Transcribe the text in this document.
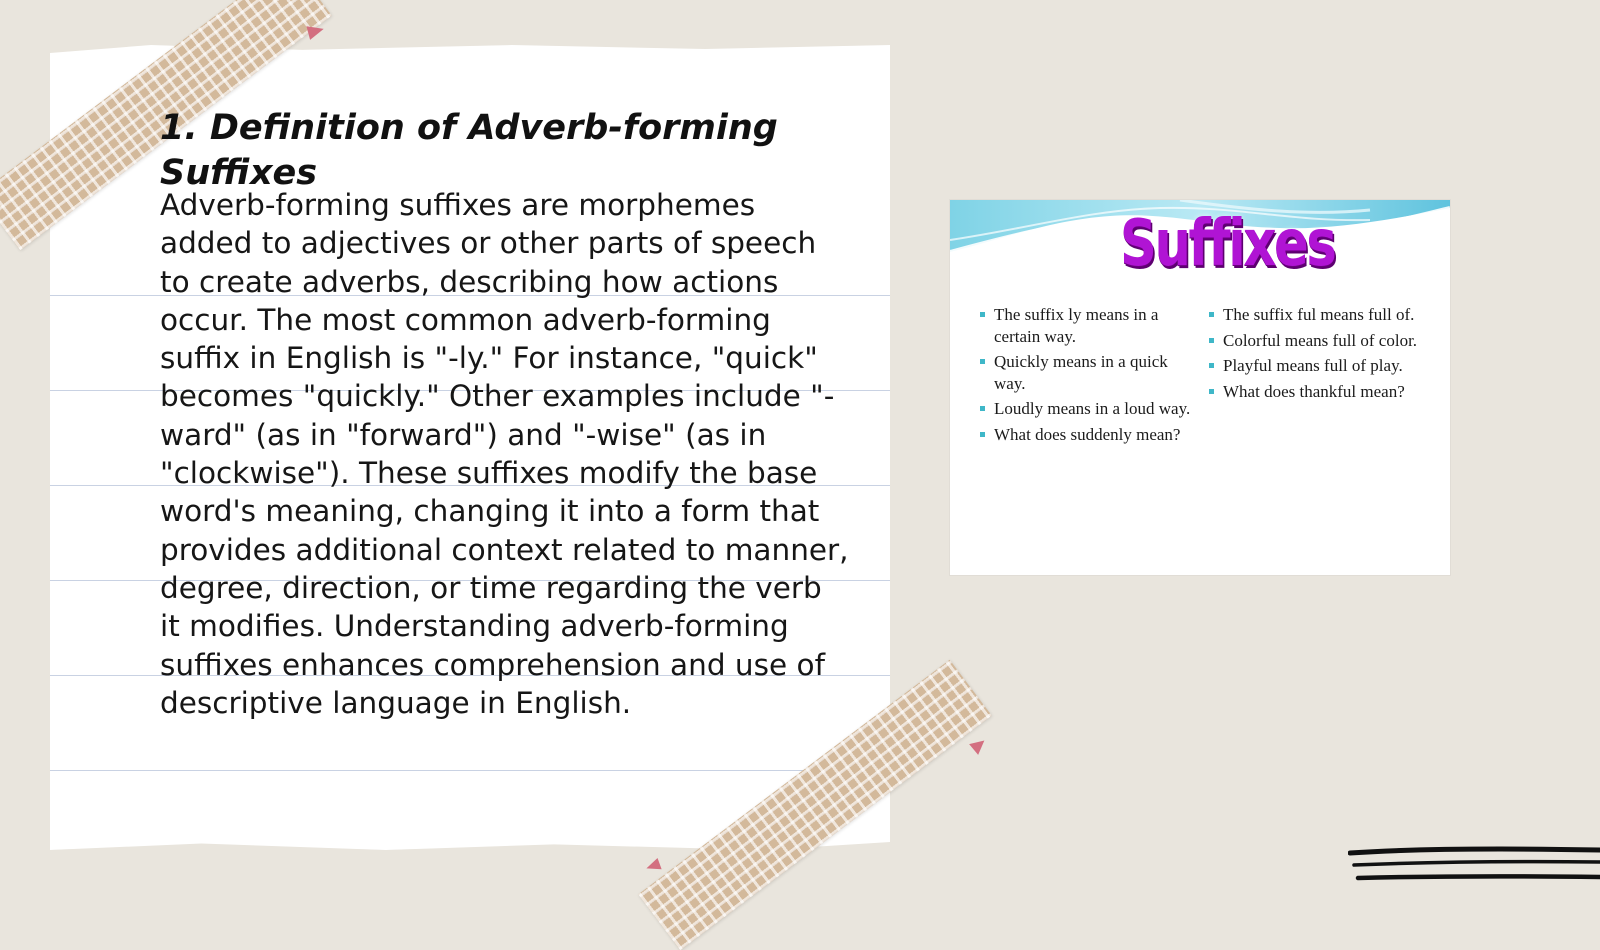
1. Definition of Adverb-forming Suffixes

Adverb-forming suffixes are morphemes added to adjectives or other parts of speech to create adverbs, describing how actions occur. The most common adverb-forming suffix in English is "-ly." For instance, "quick" becomes "quickly." Other examples include "-ward" (as in "forward") and "-wise" (as in "clockwise"). These suffixes modify the base word's meaning, changing it into a form that provides additional context related to manner, degree, direction, or time regarding the verb it modifies. Understanding adverb-forming suffixes enhances comprehension and use of descriptive language in English.

Suffixes
The suffix ly means in a certain way.
Quickly means in a quick way.
Loudly means in a loud way.
What does suddenly mean?
The suffix ful means full of.
Colorful means full of color.
Playful means full of play.
What does thankful mean?
